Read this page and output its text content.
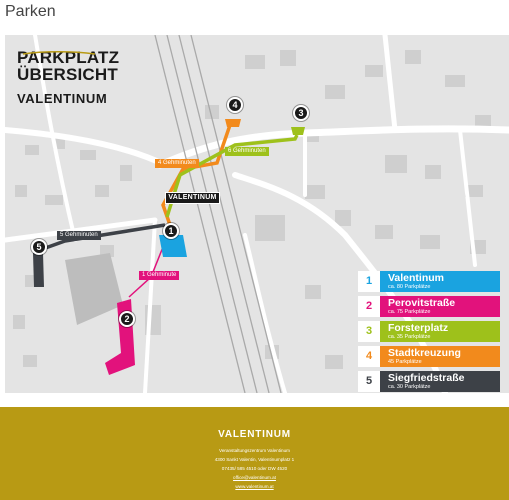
Parken
PARKPLATZ
ÜBERSICHT
VALENTINUM
4 Gehminuten
6 Gehminuten
5 Gehminuten
1 Gehminute
1
2
3
4
5
VALENTINUM
1	Valentinum
ca. 80 Parkplätze
2	Perovitstraße
ca. 75 Parkplätze
3	Forsterplatz
ca. 35 Parkplätze
4	Stadtkreuzung
45 Parkplätze
5	Siegfriedstraße
ca. 30 Parkplätze
VALENTINUM
Veranstaltungszentrum Valentinum
4300 Sankt Valentin, Valentinumplatz 1
07435/ 585 4510 oder DW 4520
office@valentinum.at
www.valentinum.at
